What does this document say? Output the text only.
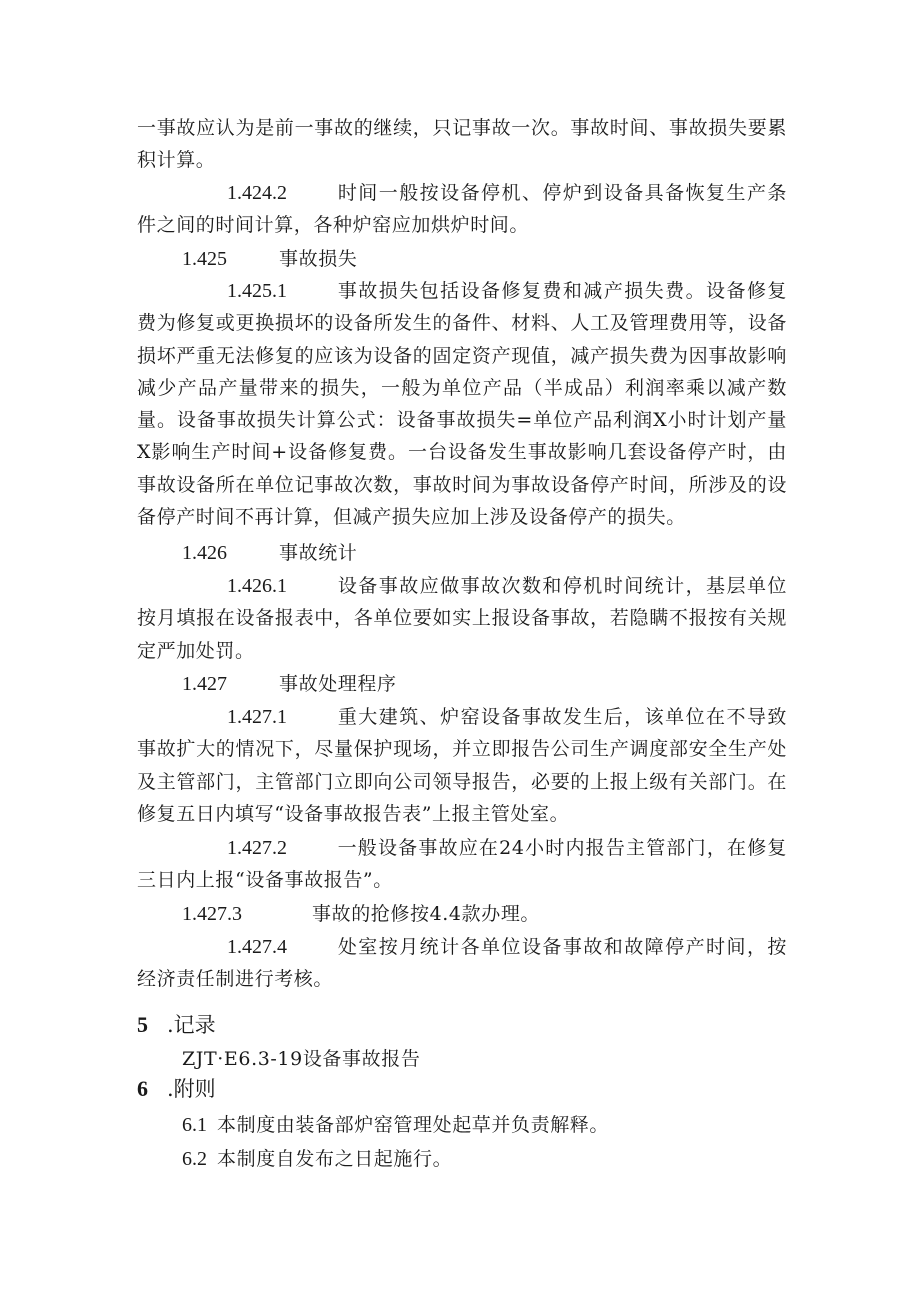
一事故应认为是前一事故的继续，只记事故一次。事故时间、事故损失要累积计算。

1.424.2	时间一般按设备停机、停炉到设备具备恢复生产条件之间的时间计算，各种炉窑应加烘炉时间。

1.425	事故损失

1.425.1	事故损失包括设备修复费和减产损失费。设备修复费为修复或更换损坏的设备所发生的备件、材料、人工及管理费用等，设备损坏严重无法修复的应该为设备的固定资产现值，减产损失费为因事故影响减少产品产量带来的损失，一般为单位产品（半成品）利润率乘以减产数量。设备事故损失计算公式：设备事故损失=单位产品利润X小时计划产量X影响生产时间+设备修复费。一台设备发生事故影响几套设备停产时，由事故设备所在单位记事故次数，事故时间为事故设备停产时间，所涉及的设备停产时间不再计算，但减产损失应加上涉及设备停产的损失。

1.426	事故统计

1.426.1	设备事故应做事故次数和停机时间统计，基层单位按月填报在设备报表中，各单位要如实上报设备事故，若隐瞒不报按有关规定严加处罚。

1.427	事故处理程序

1.427.1	重大建筑、炉窑设备事故发生后，该单位在不导致事故扩大的情况下，尽量保护现场，并立即报告公司生产调度部安全生产处及主管部门，主管部门立即向公司领导报告，必要的上报上级有关部门。在修复五日内填写“设备事故报告表”上报主管处室。

1.427.2	一般设备事故应在24小时内报告主管部门，在修复三日内上报“设备事故报告”。

1.427.3	事故的抢修按4.4款办理。

1.427.4	处室按月统计各单位设备事故和故障停产时间，按经济责任制进行考核。

5 .记录

ZJT·E6.3-19设备事故报告

6 .附则

6.1 本制度由装备部炉窑管理处起草并负责解释。

6.2 本制度自发布之日起施行。
